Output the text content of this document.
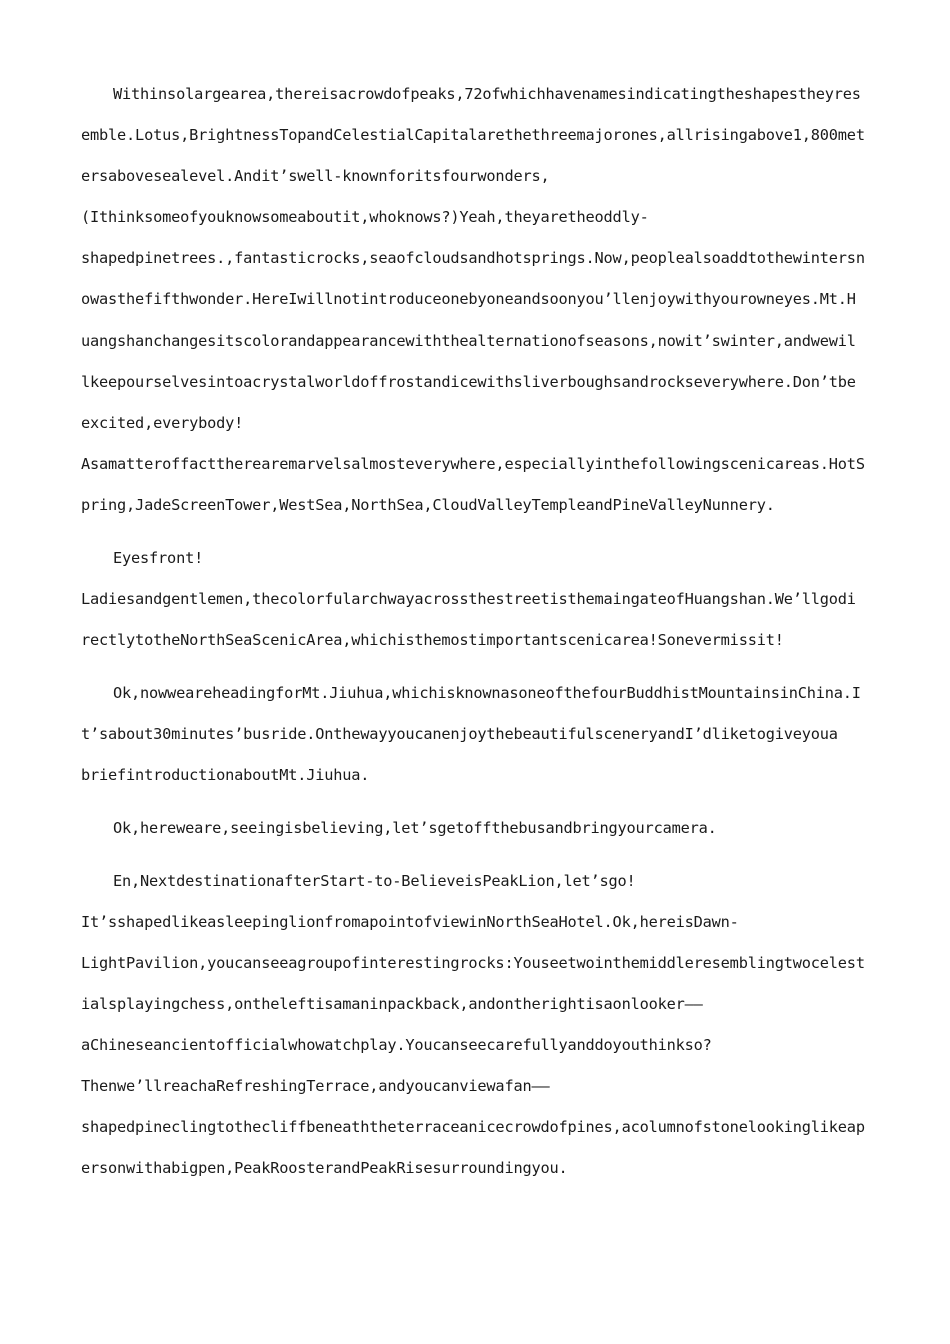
Withinsolargearea,thereisacrowdofpeaks,72ofwhichhavenamesindicatingtheshapestheyres
emble.Lotus,BrightnessTopandCelestialCapitalarethethreemajorones,allrisingabove1,800met
ersabovesealevel.Andit’swell-knownforitsfourwonders,
(Ithinksomeofyouknowsomeaboutit,whoknows?)Yeah,theyaretheoddly-
shapedpinetrees.,fantasticrocks,seaofcloudsandhotsprings.Now,peoplealsoaddtothewintersn
owasthefifthwonder.HereIwillnotintroduceonebyoneandsoonyou’llenjoywithyourowneyes.Mt.H
uangshanchangesitscolorandappearancewiththealternationofseasons,nowit’swinter,andwewil
lkeepourselvesintoacrystalworldoffrostandicewithsliverboughsandrockseverywhere.Don’tbe
excited,everybody!
Asamatteroffacttherearemarvelsalmosteverywhere,especiallyinthefollowingscenicareas.HotS
pring,JadeScreenTower,WestSea,NorthSea,CloudValleyTempleandPineValleyNunnery.
Eyesfront!
Ladiesandgentlemen,thecolorfularchwayacrossthestreetisthemaingateofHuangshan.We’llgodi
rectlytotheNorthSeaScenicArea,whichisthemostimportantscenicarea!Sonevermissit!
Ok,nowweareheadingforMt.Jiuhua,whichisknownasoneofthefourBuddhistMountainsinChina.I
t’sabout30minutes’busride.OnthewayyoucanenjoythebeautifulsceneryandI’dliketogiveyoua
briefintroductionaboutMt.Jiuhua.
Ok,hereweare,seeingisbelieving,let’sgetoffthebusandbringyourcamera.
En,NextdestinationafterStart-to-BelieveisPeakLion,let’sgo!
It’sshapedlikeasleepinglionfromapointofviewinNorthSeaHotel.Ok,hereisDawn-
LightPavilion,youcanseeagroupofinterestingrocks:Youseetwointhemiddleresemblingtwocelest
ialsplayingchess,ontheleftisamaninpackback,andontherightisaonlooker——
aChineseancientofficialwhowatchplay.Youcanseecarefullyanddoyouthinkso?
Thenwe’llreachaRefreshingTerrace,andyoucanviewafan——
shapedpineclingtothecliffbeneaththeterraceanicecrowdofpines,acolumnofstonelookinglikeap
ersonwithabigpen,PeakRoosterandPeakRisesurroundingyou.
